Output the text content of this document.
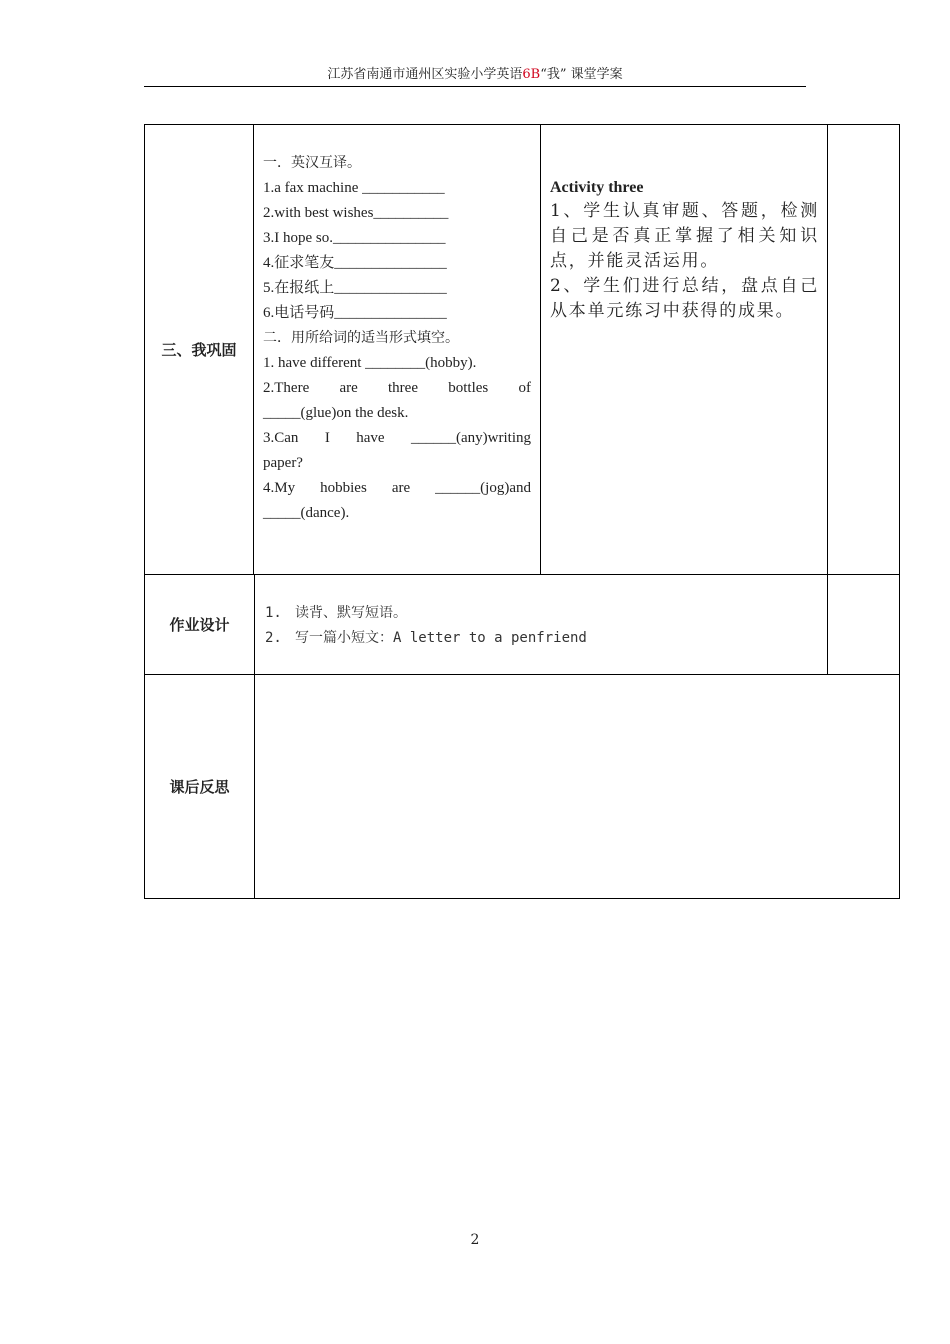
江苏省南通市通州区实验小学英语6B“我” 课堂学案
三、我巩固
一．英汉互译。
1.a fax machine ___________
2.with best wishes__________
3.I hope so._______________
4.征求笔友_______________
5.在报纸上_______________
6.电话号码_______________
二．用所给词的适当形式填空。
1. have different ________(hobby).
2.There are three bottles of
_____(glue)on the desk.
3.Can I have ______(any)writing
paper?
4.My hobbies are ______(jog)and
_____(dance).
Activity three
1、学生认真审题、答题，检测自己是否真正掌握了相关知识点，并能灵活运用。
2、学生们进行总结，盘点自己从本单元练习中获得的成果。
作业设计
1. 读背、默写短语。
2. 写一篇小短文：A letter to a penfriend
课后反思
2
